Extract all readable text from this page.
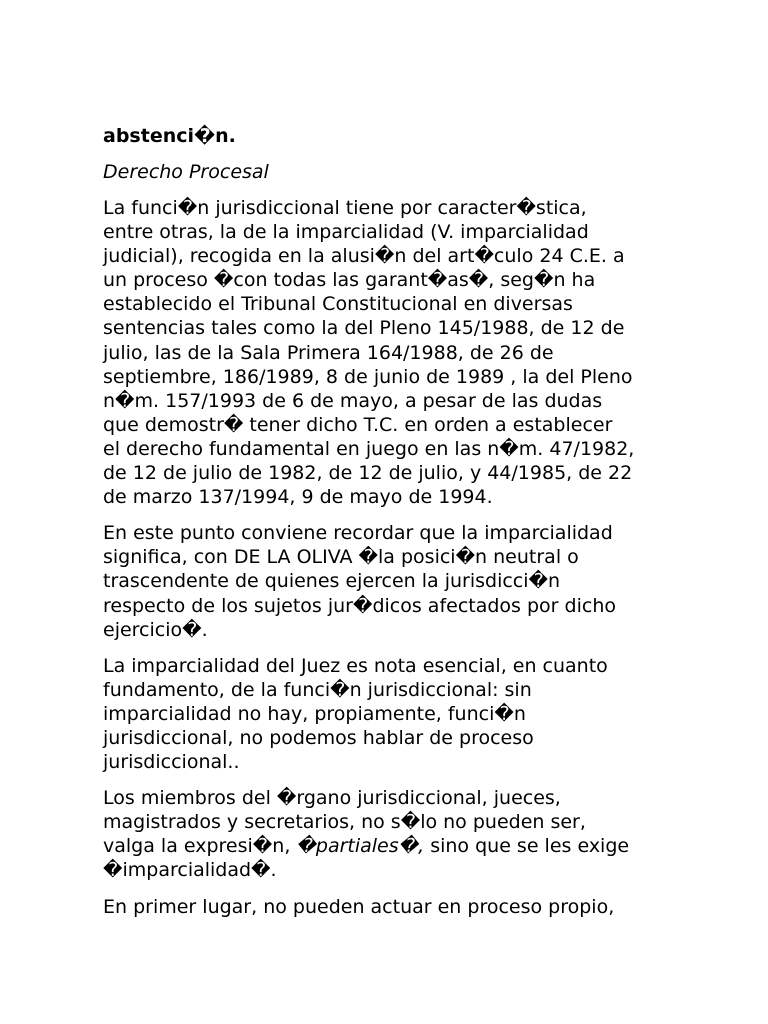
abstenci�n.
Derecho Procesal
La funci�n jurisdiccional tiene por caracter�stica,
entre otras, la de la imparcialidad (V. imparcialidad
judicial), recogida en la alusi�n del art�culo 24 C.E. a
un proceso �con todas las garant�as�, seg�n ha
establecido el Tribunal Constitucional en diversas
sentencias tales como la del Pleno 145/1988, de 12 de
julio, las de la Sala Primera 164/1988, de 26 de
septiembre, 186/1989, 8 de junio de 1989 , la del Pleno
n�m. 157/1993 de 6 de mayo, a pesar de las dudas
que demostr� tener dicho T.C. en orden a establecer
el derecho fundamental en juego en las n�m. 47/1982,
de 12 de julio de 1982, de 12 de julio, y 44/1985, de 22
de marzo 137/1994, 9 de mayo de 1994.
En este punto conviene recordar que la imparcialidad
significa, con DE LA OLIVA �la posici�n neutral o
trascendente de quienes ejercen la jurisdicci�n
respecto de los sujetos jur�dicos afectados por dicho
ejercicio�.
La imparcialidad del Juez es nota esencial, en cuanto
fundamento, de la funci�n jurisdiccional: sin
imparcialidad no hay, propiamente, funci�n
jurisdiccional, no podemos hablar de proceso
jurisdiccional..
Los miembros del �rgano jurisdiccional, jueces,
magistrados y secretarios, no s�lo no pueden ser,
valga la expresi�n, �partiales�, sino que se les exige
�imparcialidad�.
En primer lugar, no pueden actuar en proceso propio,
